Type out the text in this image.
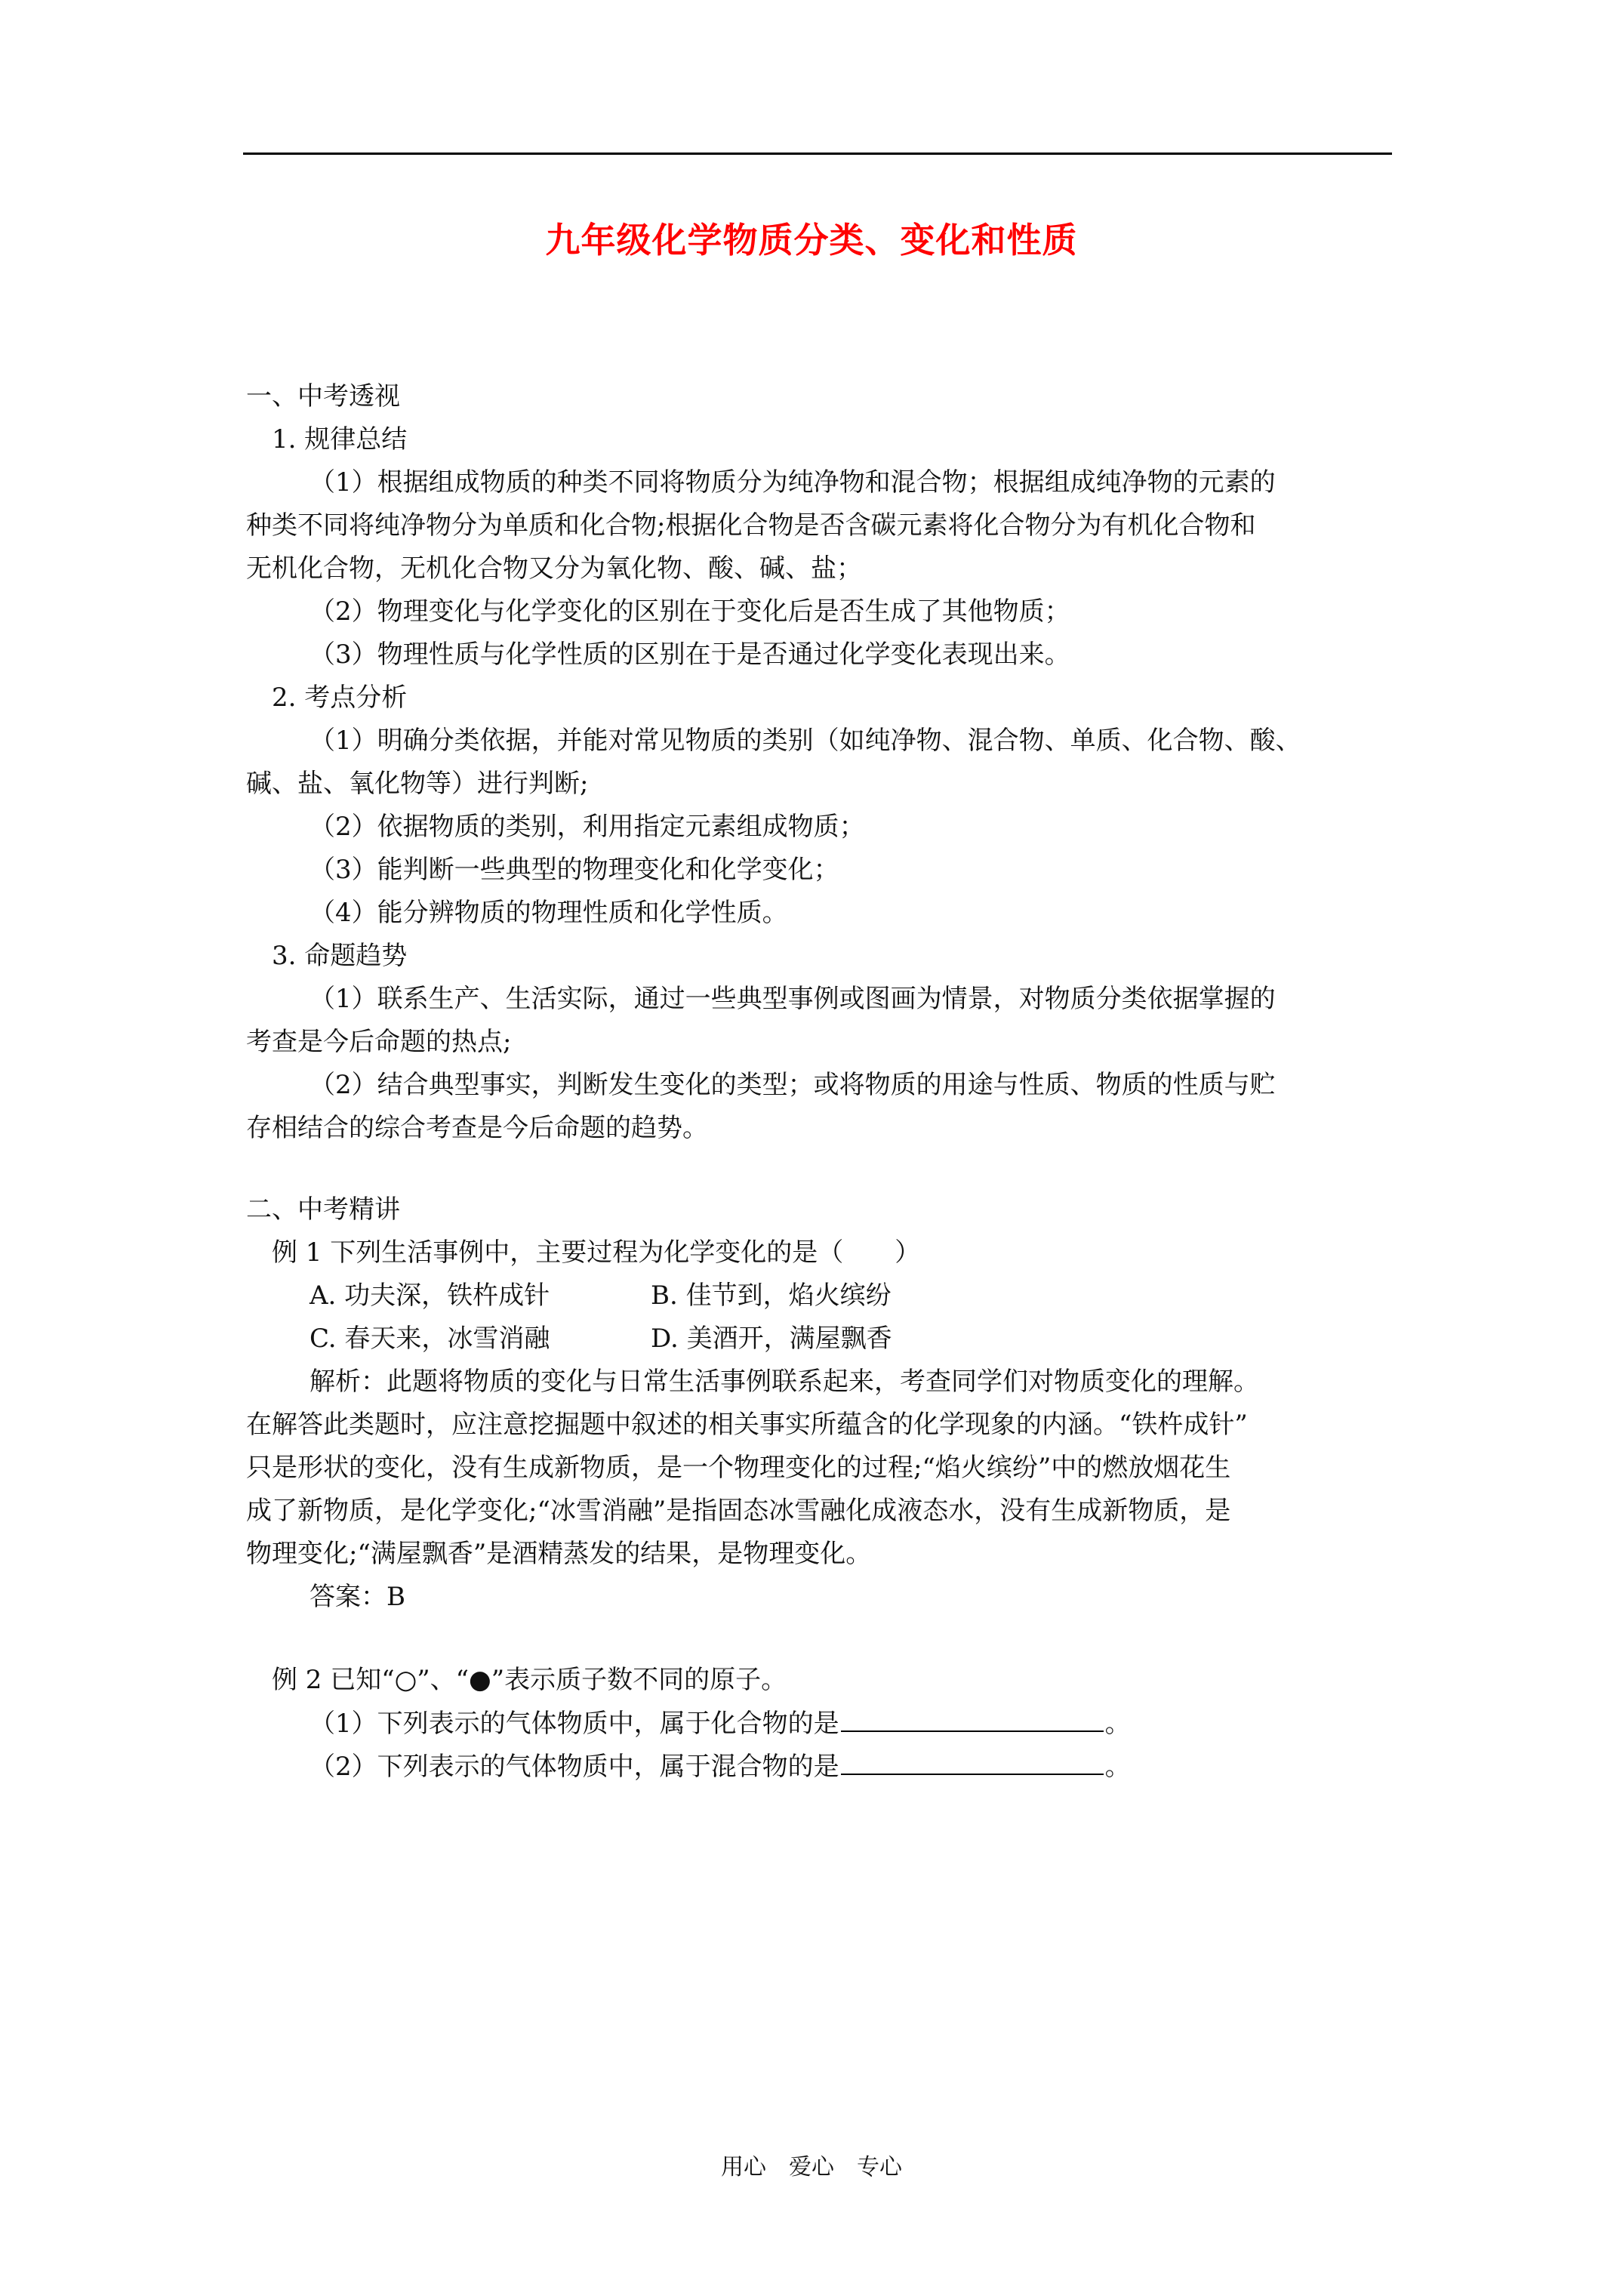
九年级化学物质分类、变化和性质
一、中考透视
1. 规律总结
（1）根据组成物质的种类不同将物质分为纯净物和混合物；根据组成纯净物的元素的
种类不同将纯净物分为单质和化合物;根据化合物是否含碳元素将化合物分为有机化合物和
无机化合物，无机化合物又分为氧化物、酸、碱、盐；
（2）物理变化与化学变化的区别在于变化后是否生成了其他物质；
（3）物理性质与化学性质的区别在于是否通过化学变化表现出来。
2. 考点分析
（1）明确分类依据，并能对常见物质的类别（如纯净物、混合物、单质、化合物、酸、
碱、盐、氧化物等）进行判断;
（2）依据物质的类别，利用指定元素组成物质；
（3）能判断一些典型的物理变化和化学变化；
（4）能分辨物质的物理性质和化学性质。
3. 命题趋势
（1）联系生产、生活实际，通过一些典型事例或图画为情景，对物质分类依据掌握的
考查是今后命题的热点;
（2）结合典型事实，判断发生变化的类型；或将物质的用途与性质、物质的性质与贮
存相结合的综合考查是今后命题的趋势。
二、中考精讲
例 1 下列生活事例中，主要过程为化学变化的是（　　）
A. 功夫深，铁杵成针	B. 佳节到，焰火缤纷
C. 春天来，冰雪消融	D. 美酒开，满屋飘香
解析：此题将物质的变化与日常生活事例联系起来，考查同学们对物质变化的理解。
在解答此类题时，应注意挖掘题中叙述的相关事实所蕴含的化学现象的内涵。“铁杵成针”
只是形状的变化，没有生成新物质，是一个物理变化的过程;“焰火缤纷”中的燃放烟花生
成了新物质，是化学变化;“冰雪消融”是指固态冰雪融化成液态水，没有生成新物质，是
物理变化;“满屋飘香”是酒精蒸发的结果，是物理变化。
答案：B
例 2 已知“○”、“●”表示质子数不同的原子。
（1）下列表示的气体物质中，属于化合物的是	。
（2）下列表示的气体物质中，属于混合物的是	。
用心　爱心　专心
